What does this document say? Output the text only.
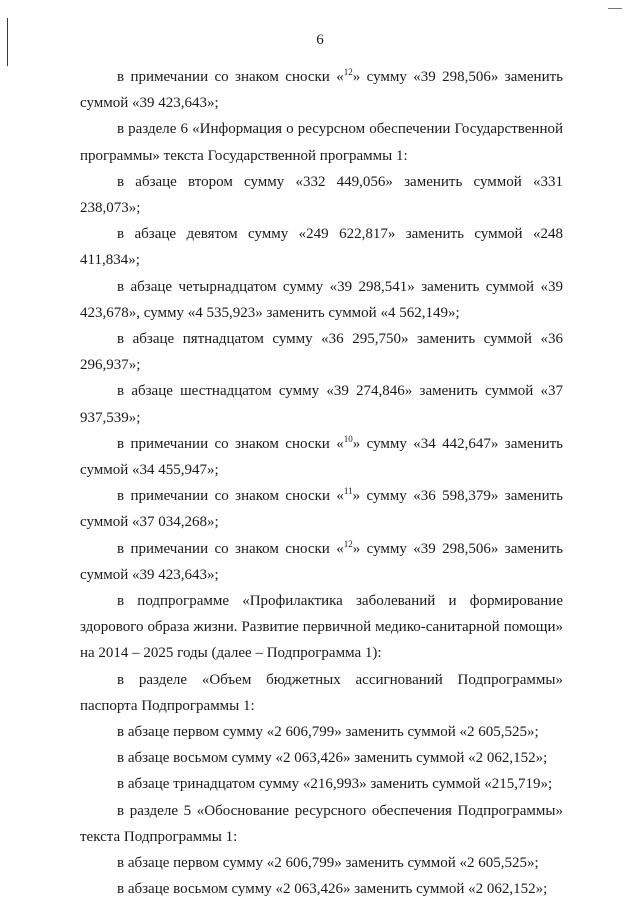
6

в примечании со знаком сноски «$^{12}$» сумму «39 298,506» заменить суммой «39 423,643»;

в разделе 6 «Информация о ресурсном обеспечении Государственной программы» текста Государственной программы 1:

в абзаце втором сумму «332 449,056» заменить суммой «331 238,073»;

в абзаце девятом сумму «249 622,817» заменить суммой «248 411,834»;

в абзаце четырнадцатом сумму «39 298,541» заменить суммой «39 423,678», сумму «4 535,923» заменить суммой «4 562,149»;

в абзаце пятнадцатом сумму «36 295,750» заменить суммой «36 296,937»;

в абзаце шестнадцатом сумму «39 274,846» заменить суммой «37 937,539»;

в примечании со знаком сноски «$^{10}$» сумму «34 442,647» заменить суммой «34 455,947»;

в примечании со знаком сноски «$^{11}$» сумму «36 598,379» заменить суммой «37 034,268»;

в примечании со знаком сноски «$^{12}$» сумму «39 298,506» заменить суммой «39 423,643»;

в подпрограмме «Профилактика заболеваний и формирование здорового образа жизни. Развитие первичной медико-санитарной помощи» на 2014 – 2025 годы (далее – Подпрограмма 1):

в разделе «Объем бюджетных ассигнований Подпрограммы» паспорта Подпрограммы 1:

в абзаце первом сумму «2 606,799» заменить суммой «2 605,525»;

в абзаце восьмом сумму «2 063,426» заменить суммой «2 062,152»;

в абзаце тринадцатом сумму «216,993» заменить суммой «215,719»;

в разделе 5 «Обоснование ресурсного обеспечения Подпрограммы» текста Подпрограммы 1:

в абзаце первом сумму «2 606,799» заменить суммой «2 605,525»;

в абзаце восьмом сумму «2 063,426» заменить суммой «2 062,152»;
